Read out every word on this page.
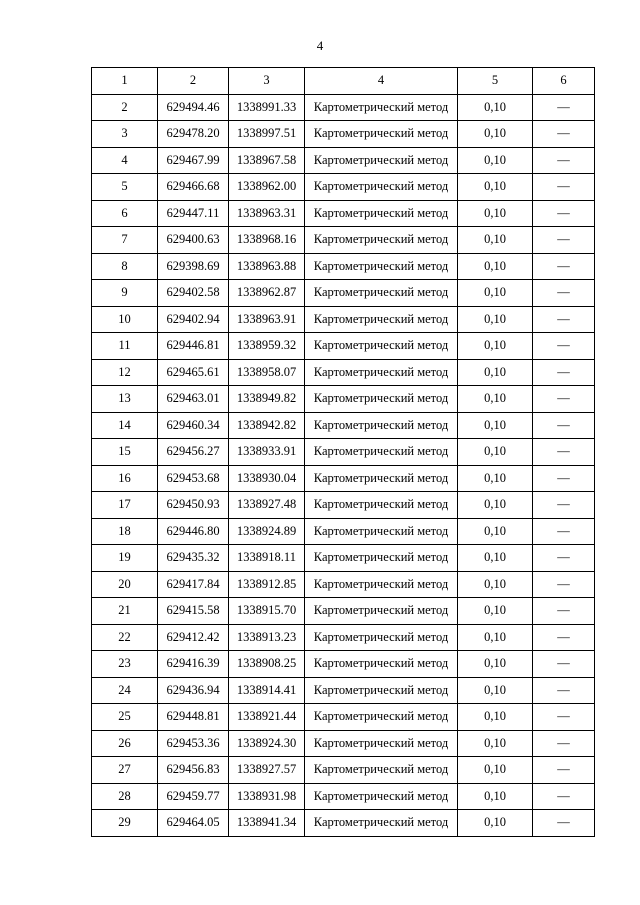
4
1	2	3	4	5	6
2	629494.46	1338991.33	Картометрический метод	0,10	—
3	629478.20	1338997.51	Картометрический метод	0,10	—
4	629467.99	1338967.58	Картометрический метод	0,10	—
5	629466.68	1338962.00	Картометрический метод	0,10	—
6	629447.11	1338963.31	Картометрический метод	0,10	—
7	629400.63	1338968.16	Картометрический метод	0,10	—
8	629398.69	1338963.88	Картометрический метод	0,10	—
9	629402.58	1338962.87	Картометрический метод	0,10	—
10	629402.94	1338963.91	Картометрический метод	0,10	—
11	629446.81	1338959.32	Картометрический метод	0,10	—
12	629465.61	1338958.07	Картометрический метод	0,10	—
13	629463.01	1338949.82	Картометрический метод	0,10	—
14	629460.34	1338942.82	Картометрический метод	0,10	—
15	629456.27	1338933.91	Картометрический метод	0,10	—
16	629453.68	1338930.04	Картометрический метод	0,10	—
17	629450.93	1338927.48	Картометрический метод	0,10	—
18	629446.80	1338924.89	Картометрический метод	0,10	—
19	629435.32	1338918.11	Картометрический метод	0,10	—
20	629417.84	1338912.85	Картометрический метод	0,10	—
21	629415.58	1338915.70	Картометрический метод	0,10	—
22	629412.42	1338913.23	Картометрический метод	0,10	—
23	629416.39	1338908.25	Картометрический метод	0,10	—
24	629436.94	1338914.41	Картометрический метод	0,10	—
25	629448.81	1338921.44	Картометрический метод	0,10	—
26	629453.36	1338924.30	Картометрический метод	0,10	—
27	629456.83	1338927.57	Картометрический метод	0,10	—
28	629459.77	1338931.98	Картометрический метод	0,10	—
29	629464.05	1338941.34	Картометрический метод	0,10	—
